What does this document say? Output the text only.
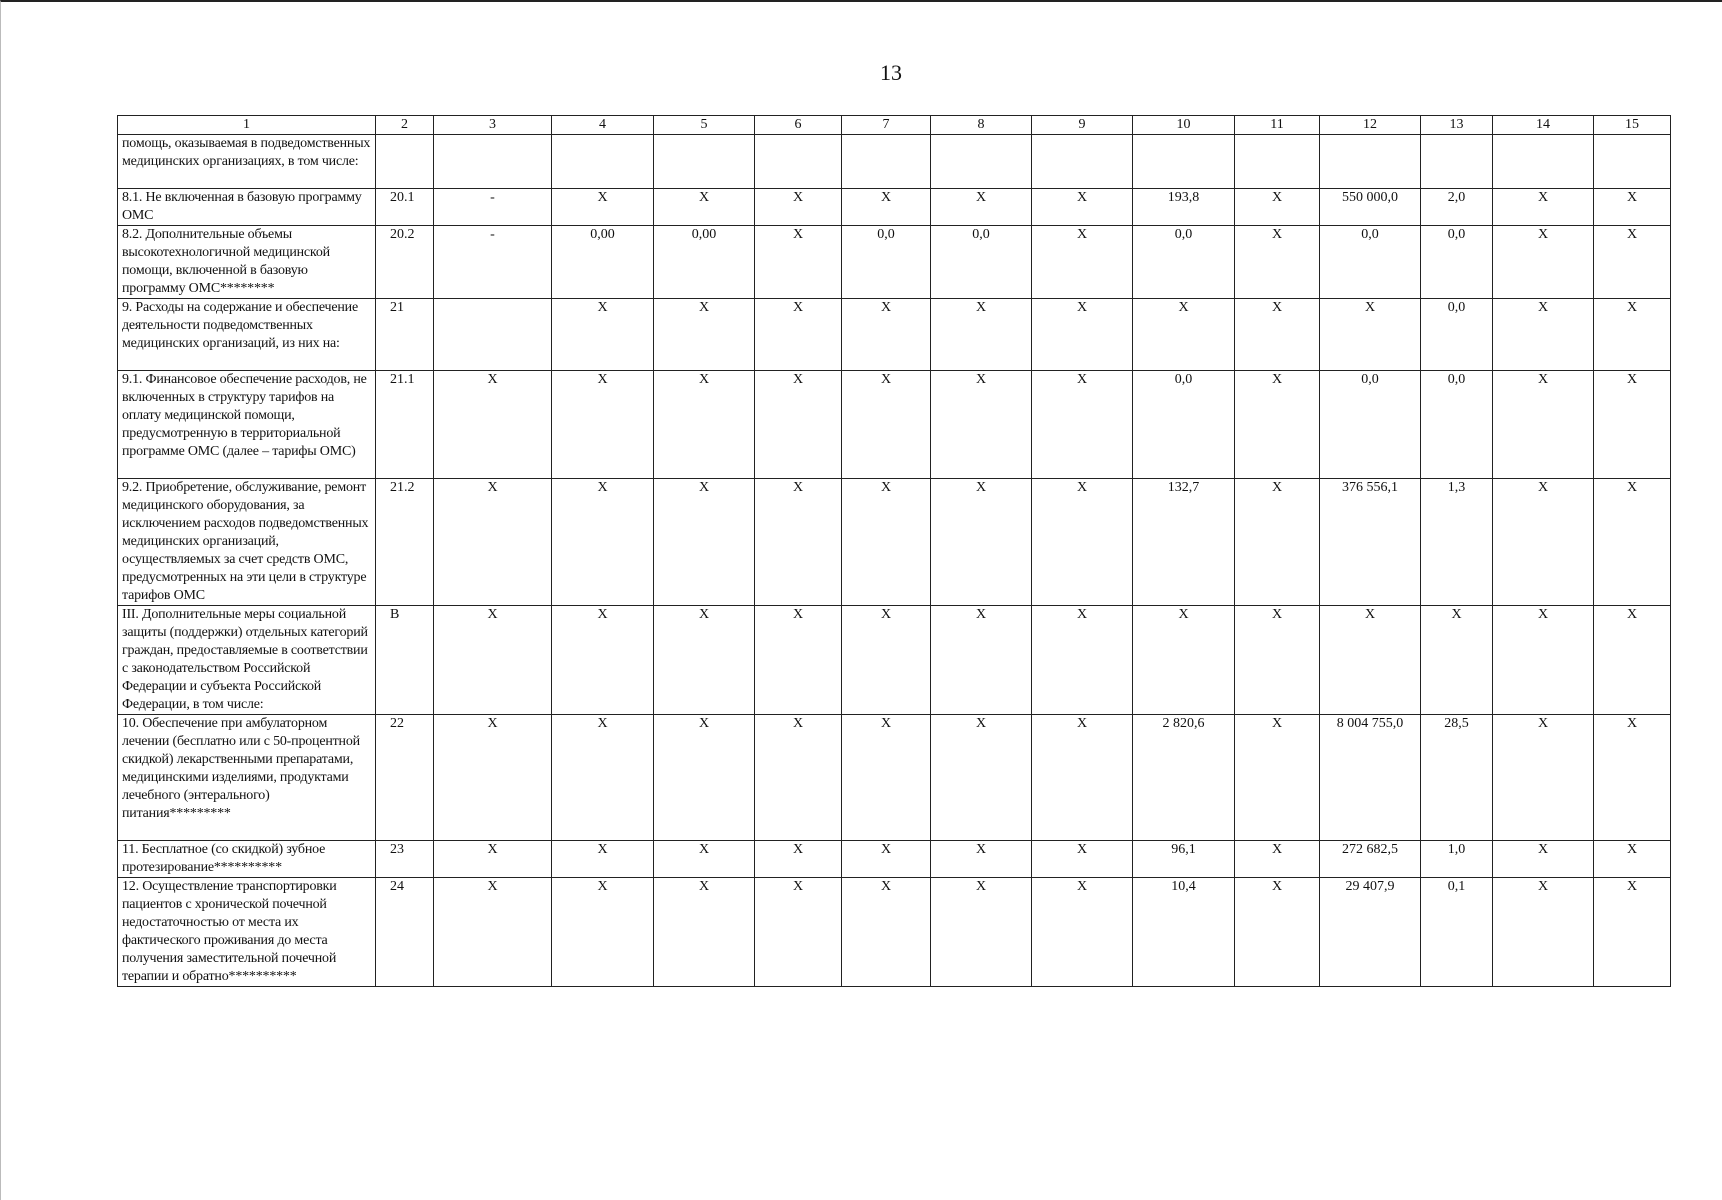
13
1	2	3	4	5	6	7	8	9	10	11	12	13	14	15
помощь, оказываемая в подведомственных медицинских организациях, в том числе:														
8.1. Не включенная в базовую программу ОМС	20.1	-	X	X	X	X	X	X	193,8	X	550 000,0	2,0	X	X
8.2. Дополнительные объемы высокотехнологичной медицинской помощи, включенной в базовую программу ОМС********	20.2	-	0,00	0,00	X	0,0	0,0	X	0,0	X	0,0	0,0	X	X
9. Расходы на содержание и обеспечение деятельности подведомственных медицинских организаций, из них на:	21		X	X	X	X	X	X	X	X	X	0,0	X	X
9.1. Финансовое обеспечение расходов, не включенных в структуру тарифов на оплату медицинской помощи, предусмотренную в территориальной программе ОМС (далее – тарифы ОМС)	21.1	X	X	X	X	X	X	X	0,0	X	0,0	0,0	X	X
9.2. Приобретение, обслуживание, ремонт медицинского оборудования, за исключением расходов подведомственных медицинских организаций, осуществляемых за счет средств ОМС, предусмотренных на эти цели в структуре тарифов ОМС	21.2	X	X	X	X	X	X	X	132,7	X	376 556,1	1,3	X	X
III. Дополнительные меры социальной защиты (поддержки) отдельных категорий граждан, предоставляемые в соответствии с законодательством Российской Федерации и субъекта Российской Федерации, в том числе:	В	X	X	X	X	X	X	X	X	X	X	X	X	X
10. Обеспечение при амбулаторном лечении (бесплатно или с 50-процентной скидкой) лекарственными препаратами, медицинскими изделиями, продуктами лечебного (энтерального) питания*********	22	X	X	X	X	X	X	X	2 820,6	X	8 004 755,0	28,5	X	X
11. Бесплатное (со скидкой) зубное протезирование**********	23	X	X	X	X	X	X	X	96,1	X	272 682,5	1,0	X	X
12. Осуществление транспортировки пациентов с хронической почечной недостаточностью от места их фактического проживания до места получения заместительной почечной терапии и обратно**********	24	X	X	X	X	X	X	X	10,4	X	29 407,9	0,1	X	X
